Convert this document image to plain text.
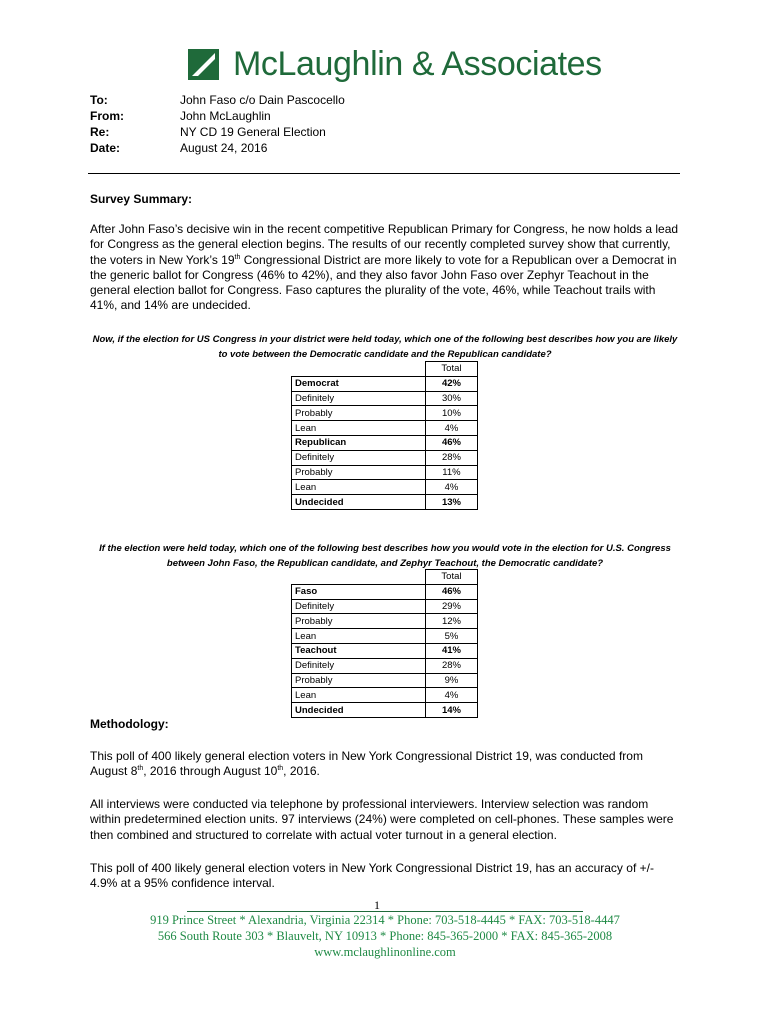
McLaughlin & Associates
To:	John Faso c/o Dain Pascocello
From:	John McLaughlin
Re:	NY CD 19 General Election
Date:	August 24, 2016
Survey Summary:
After John Faso’s decisive win in the recent competitive Republican Primary for Congress, he now holds a lead for Congress as the general election begins. The results of our recently completed survey show that currently, the voters in New York’s 19th Congressional District are more likely to vote for a Republican over a Democrat in the generic ballot for Congress (46% to 42%), and they also favor John Faso over Zephyr Teachout in the general election ballot for Congress. Faso captures the plurality of the vote, 46%, while Teachout trails with 41%, and 14% are undecided.
Now, if the election for US Congress in your district were held today, which one of the following best describes how you are likely to vote between the Democratic candidate and the Republican candidate?
	Total
Democrat	42%
Definitely	30%
Probably	10%
Lean	4%
Republican	46%
Definitely	28%
Probably	11%
Lean	4%
Undecided	13%
If the election were held today, which one of the following best describes how you would vote in the election for U.S. Congress between John Faso, the Republican candidate, and Zephyr Teachout, the Democratic candidate?
	Total
Faso	46%
Definitely	29%
Probably	12%
Lean	5%
Teachout	41%
Definitely	28%
Probably	9%
Lean	4%
Undecided	14%
Methodology:
This poll of 400 likely general election voters in New York Congressional District 19, was conducted from August 8th, 2016 through August 10th, 2016.
All interviews were conducted via telephone by professional interviewers. Interview selection was random within predetermined election units. 97 interviews (24%) were completed on cell-phones. These samples were then combined and structured to correlate with actual voter turnout in a general election.
This poll of 400 likely general election voters in New York Congressional District 19, has an accuracy of +/- 4.9% at a 95% confidence interval.
1
919 Prince Street * Alexandria, Virginia 22314 * Phone: 703-518-4445 * FAX: 703-518-4447
566 South Route 303 * Blauvelt, NY 10913 * Phone: 845-365-2000 * FAX: 845-365-2008
www.mclaughlinonline.com
